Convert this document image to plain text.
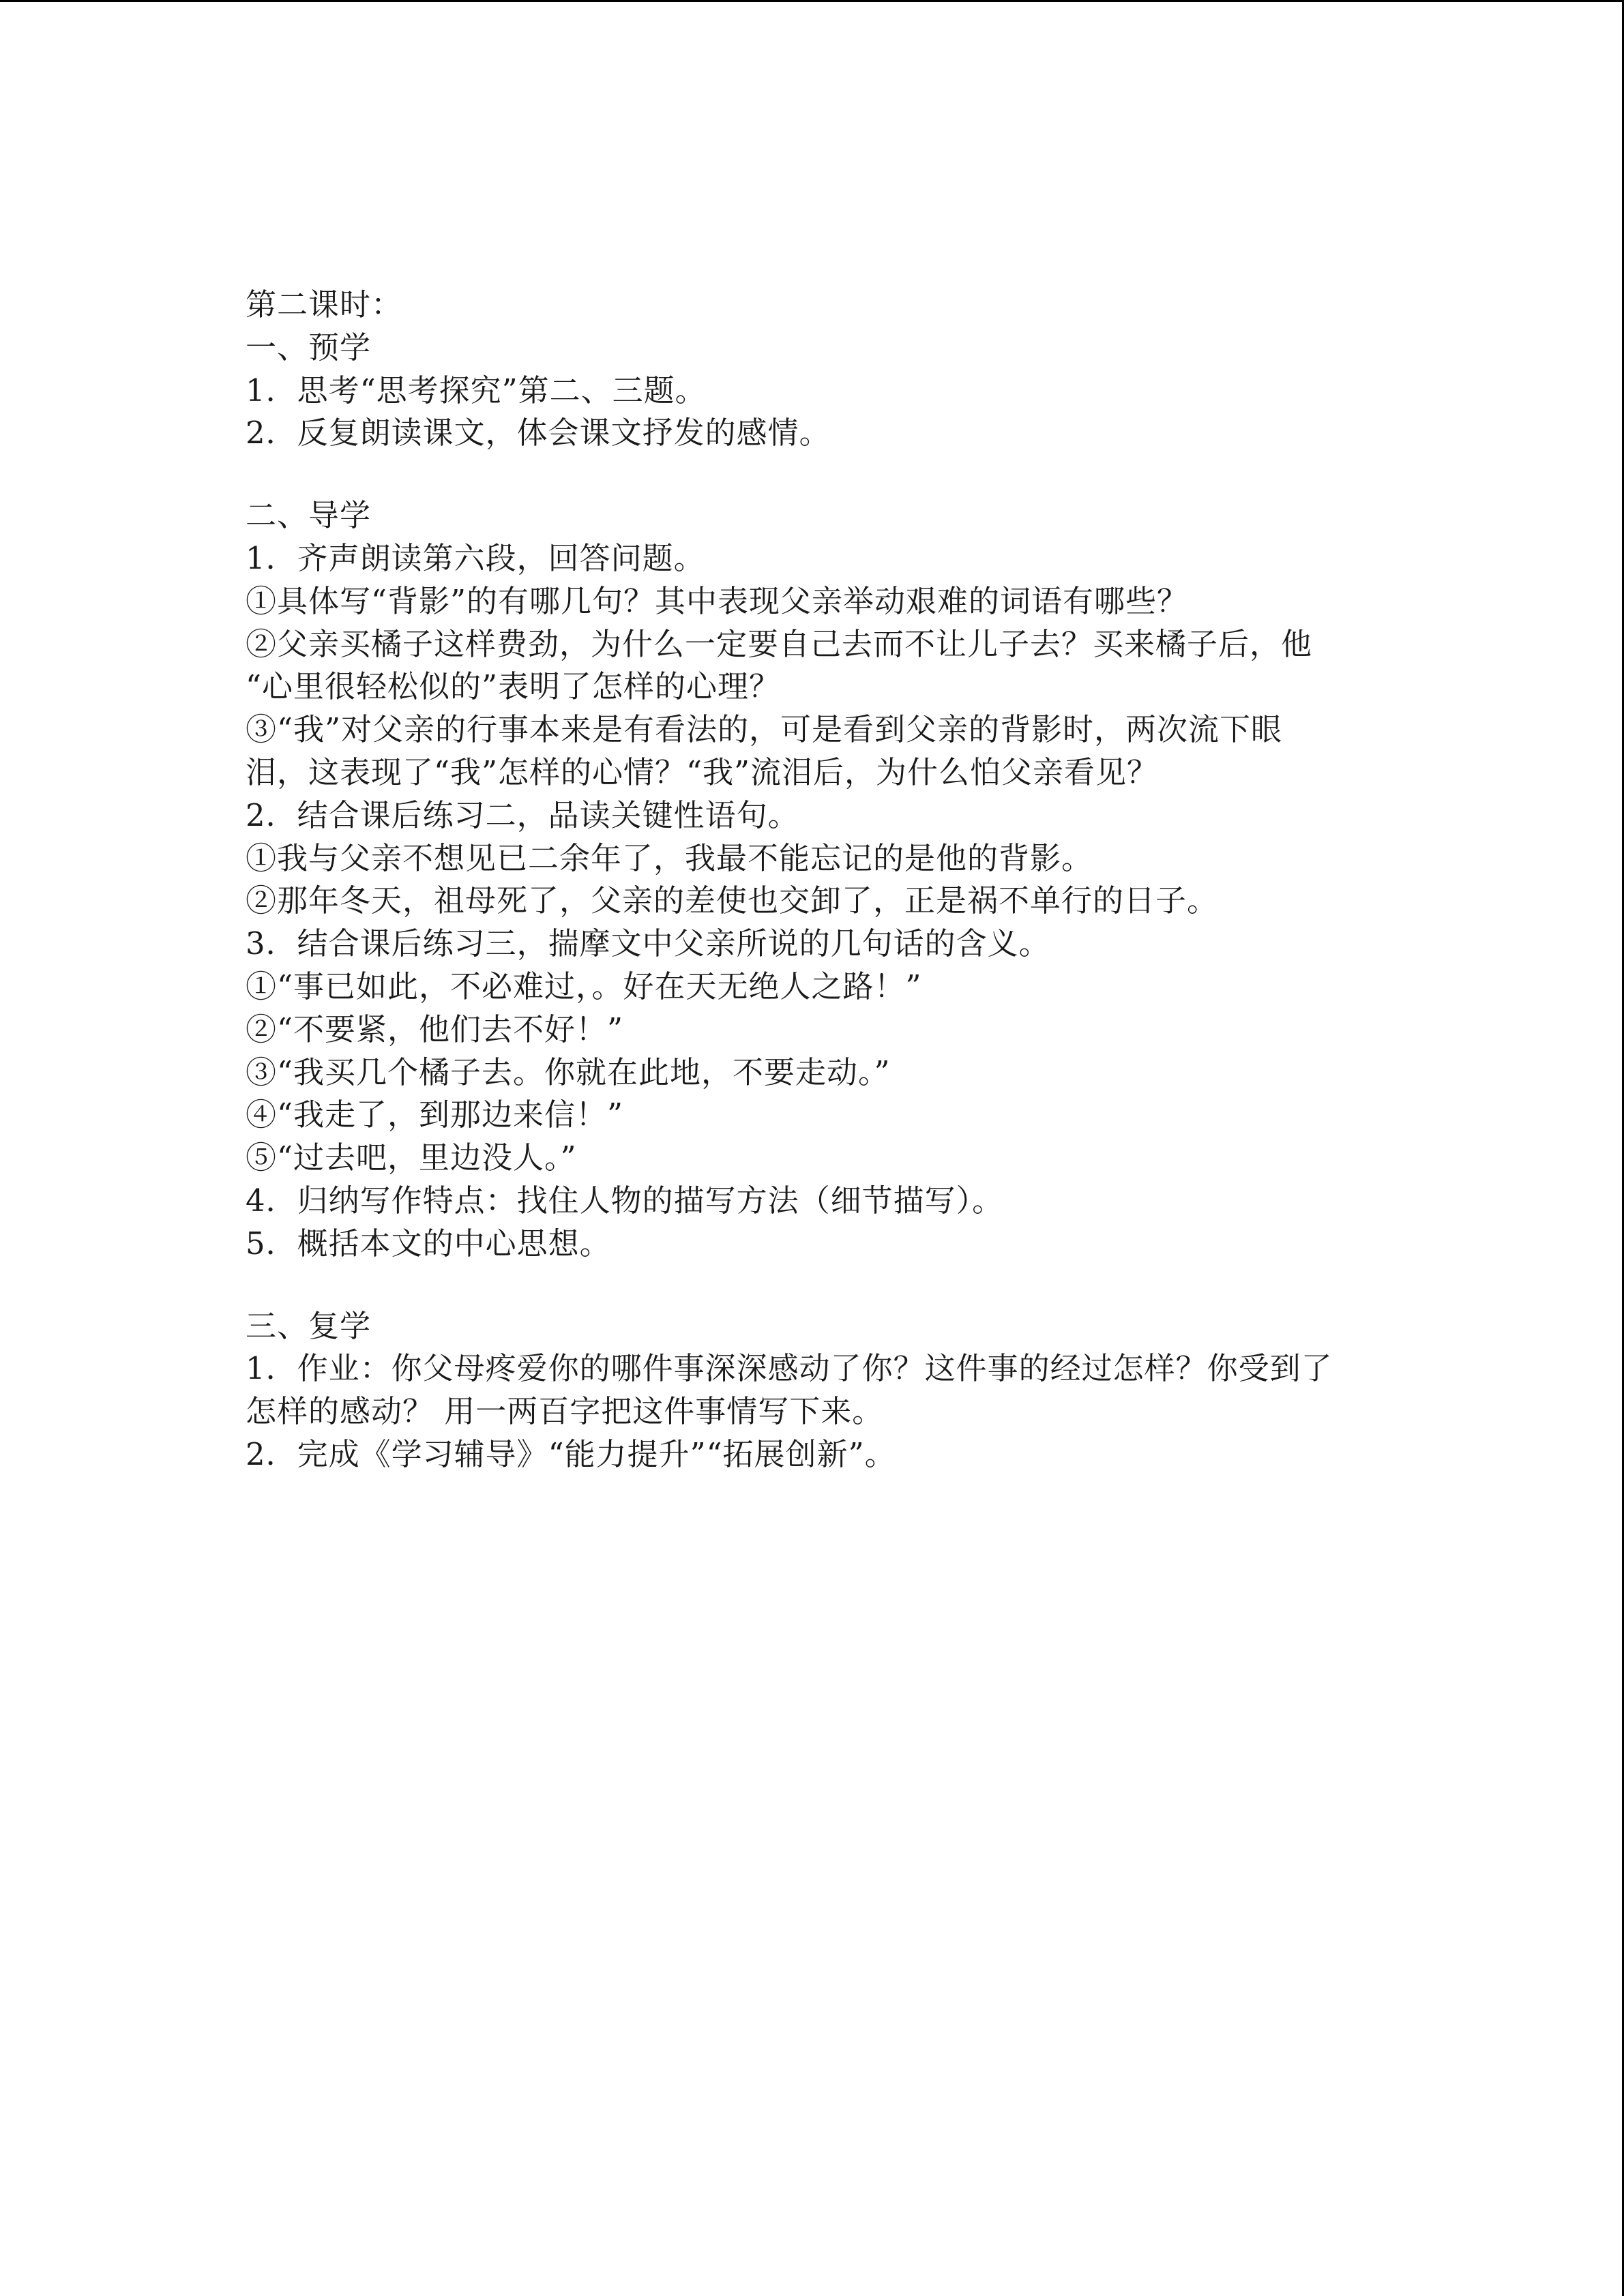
第二课时：
一、预学
1．思考“思考探究”第二、三题。
2．反复朗读课文，体会课文抒发的感情。
二、导学
1．齐声朗读第六段，回答问题。
①具体写“背影”的有哪几句？其中表现父亲举动艰难的词语有哪些？
②父亲买橘子这样费劲，为什么一定要自己去而不让儿子去？买来橘子后，他
“心里很轻松似的”表明了怎样的心理？
③“我”对父亲的行事本来是有看法的，可是看到父亲的背影时，两次流下眼
泪，这表现了“我”怎样的心情？“我”流泪后，为什么怕父亲看见？
2．结合课后练习二，品读关键性语句。
①我与父亲不想见已二余年了，我最不能忘记的是他的背影。
②那年冬天，祖母死了，父亲的差使也交卸了，正是祸不单行的日子。
3．结合课后练习三，揣摩文中父亲所说的几句话的含义。
①“事已如此，不必难过，。好在天无绝人之路！”
②“不要紧，他们去不好！”
③“我买几个橘子去。你就在此地，不要走动。”
④“我走了，到那边来信！”
⑤“过去吧，里边没人。”
4．归纳写作特点：找住人物的描写方法（细节描写）。
5．概括本文的中心思想。
三、复学
1．作业：你父母疼爱你的哪件事深深感动了你？这件事的经过怎样？你受到了
怎样的感动？ 用一两百字把这件事情写下来。
2．完成《学习辅导》“能力提升”“拓展创新”。
